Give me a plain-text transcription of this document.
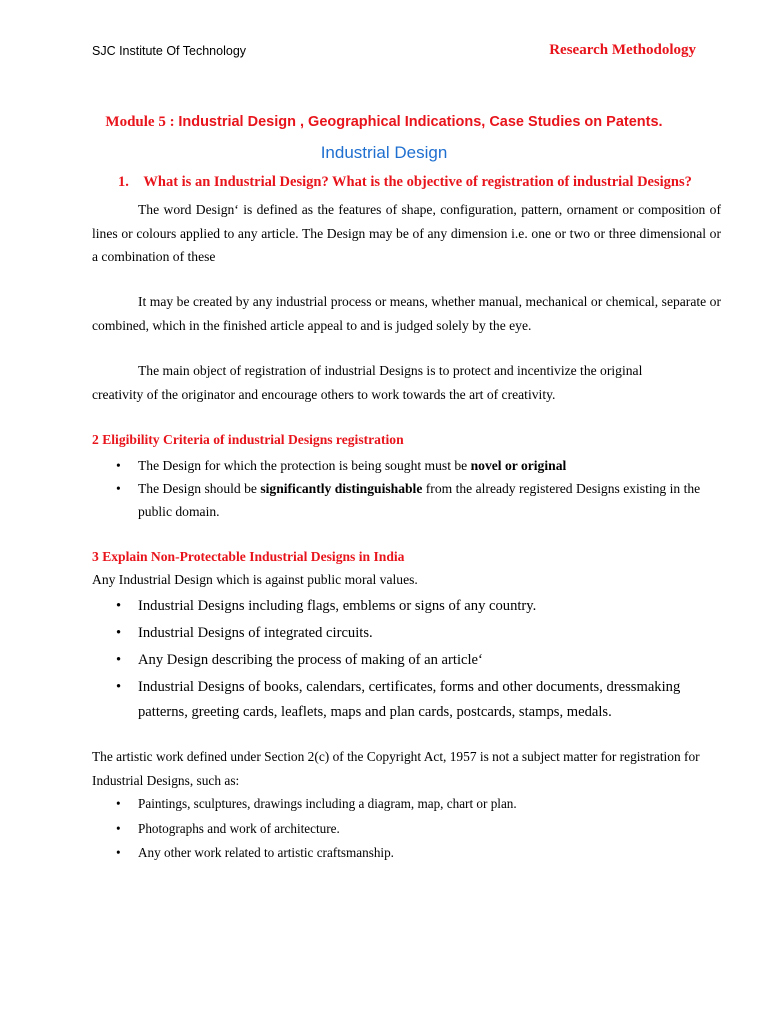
SJC Institute Of Technology	Research Methodology
Module 5 : Industrial Design , Geographical Indications, Case Studies on Patents.
Industrial Design
1. What is an Industrial Design? What is the objective of registration of industrial Designs?
The word Design‘ is defined as the features of shape, configuration, pattern, ornament or composition of lines or colours applied to any article. The Design may be of any dimension i.e. one or two or three dimensional or a combination of these
It may be created by any industrial process or means, whether manual, mechanical or chemical, separate or combined, which in the finished article appeal to and is judged solely by the eye.
The main object of registration of industrial Designs is to protect and incentivize the original
creativity of the originator and encourage others to work towards the art of creativity.
2 Eligibility Criteria of industrial Designs registration
• The Design for which the protection is being sought must be novel or original
• The Design should be significantly distinguishable from the already registered Designs existing in the public domain.
3 Explain Non-Protectable Industrial Designs in India
Any Industrial Design which is against public moral values.
• Industrial Designs including flags, emblems or signs of any country.
• Industrial Designs of integrated circuits.
• Any Design describing the process of making of an article‘
• Industrial Designs of books, calendars, certificates, forms and other documents, dressmaking patterns, greeting cards, leaflets, maps and plan cards, postcards, stamps, medals.
The artistic work defined under Section 2(c) of the Copyright Act, 1957 is not a subject matter for registration for Industrial Designs, such as:
• Paintings, sculptures, drawings including a diagram, map, chart or plan.
• Photographs and work of architecture.
• Any other work related to artistic craftsmanship.
